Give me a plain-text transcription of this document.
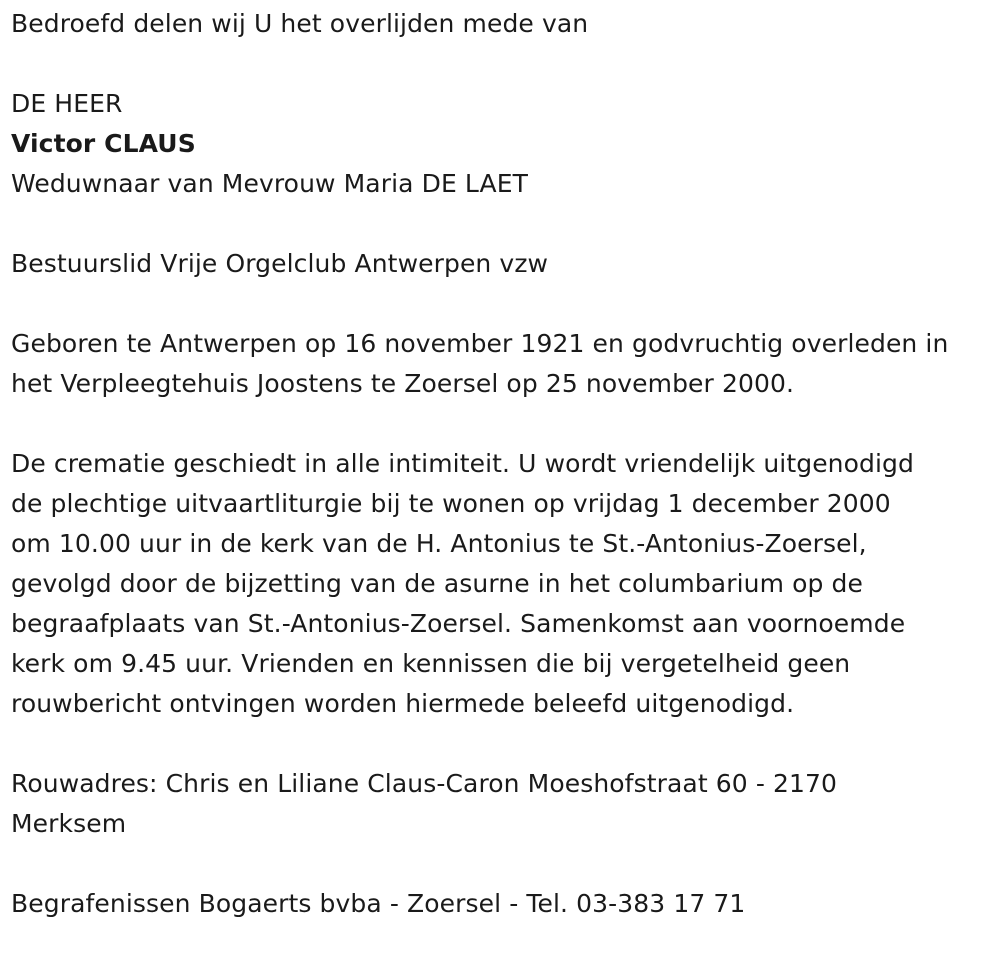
Bedroefd delen wij U het overlijden mede van
DE HEER
Victor CLAUS
Weduwnaar van Mevrouw Maria DE LAET
Bestuurslid Vrije Orgelclub Antwerpen vzw
Geboren te Antwerpen op 16 november 1921 en godvruchtig overleden in
het Verpleegtehuis Joostens te Zoersel op 25 november 2000.
De crematie geschiedt in alle intimiteit. U wordt vriendelijk uitgenodigd
de plechtige uitvaartliturgie bij te wonen op vrijdag 1 december 2000
om 10.00 uur in de kerk van de H. Antonius te St.-Antonius-Zoersel,
gevolgd door de bijzetting van de asurne in het columbarium op de
begraafplaats van St.-Antonius-Zoersel. Samenkomst aan voornoemde
kerk om 9.45 uur. Vrienden en kennissen die bij vergetelheid geen
rouwbericht ontvingen worden hiermede beleefd uitgenodigd.
Rouwadres: Chris en Liliane Claus-Caron Moeshofstraat 60 - 2170
Merksem
Begrafenissen Bogaerts bvba - Zoersel - Tel. 03-383 17 71
